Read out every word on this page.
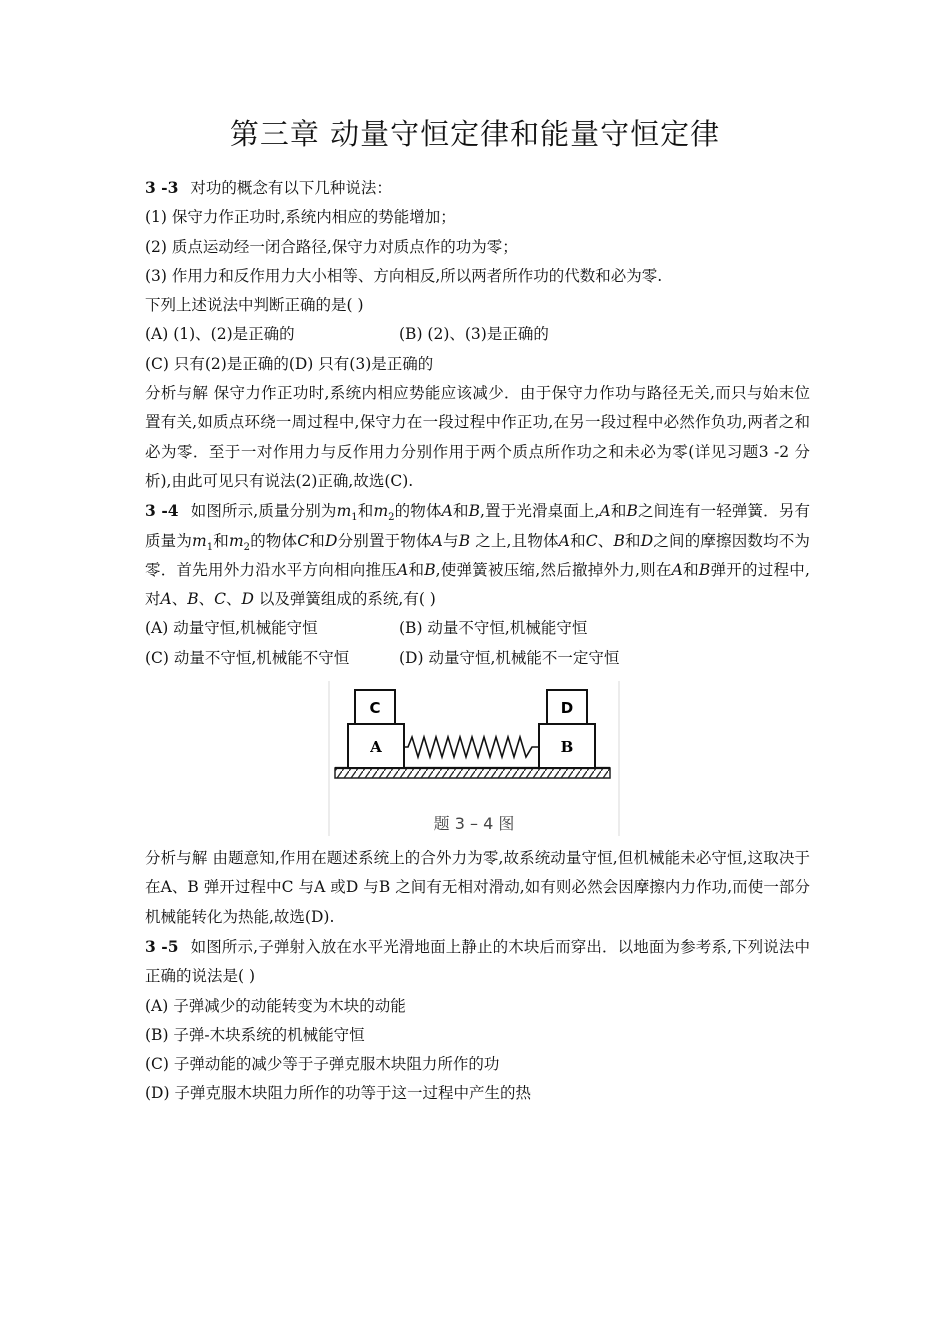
第三章 动量守恒定律和能量守恒定律

3 -3 对功的概念有以下几种说法：

(1) 保守力作正功时,系统内相应的势能增加；

(2) 质点运动经一闭合路径,保守力对质点作的功为零；

(3) 作用力和反作用力大小相等、方向相反,所以两者所作功的代数和必为零.

下列上述说法中判断正确的是( )

(A) (1)、(2)是正确的	(B) (2)、(3)是正确的

(C) 只有(2)是正确的(D) 只有(3)是正确的

分析与解 保守力作正功时,系统内相应势能应该减少．由于保守力作功与路径无关,而只与始末位置有关,如质点环绕一周过程中,保守力在一段过程中作正功,在另一段过程中必然作负功,两者之和必为零．至于一对作用力与反作用力分别作用于两个质点所作功之和未必为零(详见习题3 -2 分析),由此可见只有说法(2)正确,故选(C).

3 -4 如图所示,质量分别为$m_1$和$m_2$的物体A和B,置于光滑桌面上,A和B之间连有一轻弹簧．另有质量为$m_1$和$m_2$的物体C和D分别置于物体A与B 之上,且物体A和C、B和D之间的摩擦因数均不为零．首先用外力沿水平方向相向推压A和B,使弹簧被压缩,然后撤掉外力,则在A和B弹开的过程中,对A、B、C、D 以及弹簧组成的系统,有( )

(A) 动量守恒,机械能守恒	(B) 动量不守恒,机械能守恒
(C) 动量不守恒,机械能不守恒	(D) 动量守恒,机械能不一定守恒
A
C
B
D
题 3 – 4 图

分析与解 由题意知,作用在题述系统上的合外力为零,故系统动量守恒,但机械能未必守恒,这取决于在A、B 弹开过程中C 与A 或D 与B 之间有无相对滑动,如有则必然会因摩擦内力作功,而使一部分机械能转化为热能,故选(D).

3 -5 如图所示,子弹射入放在水平光滑地面上静止的木块后而穿出．以地面为参考系,下列说法中正确的说法是( )

(A) 子弹减少的动能转变为木块的动能

(B) 子弹-木块系统的机械能守恒

(C) 子弹动能的减少等于子弹克服木块阻力所作的功

(D) 子弹克服木块阻力所作的功等于这一过程中产生的热
